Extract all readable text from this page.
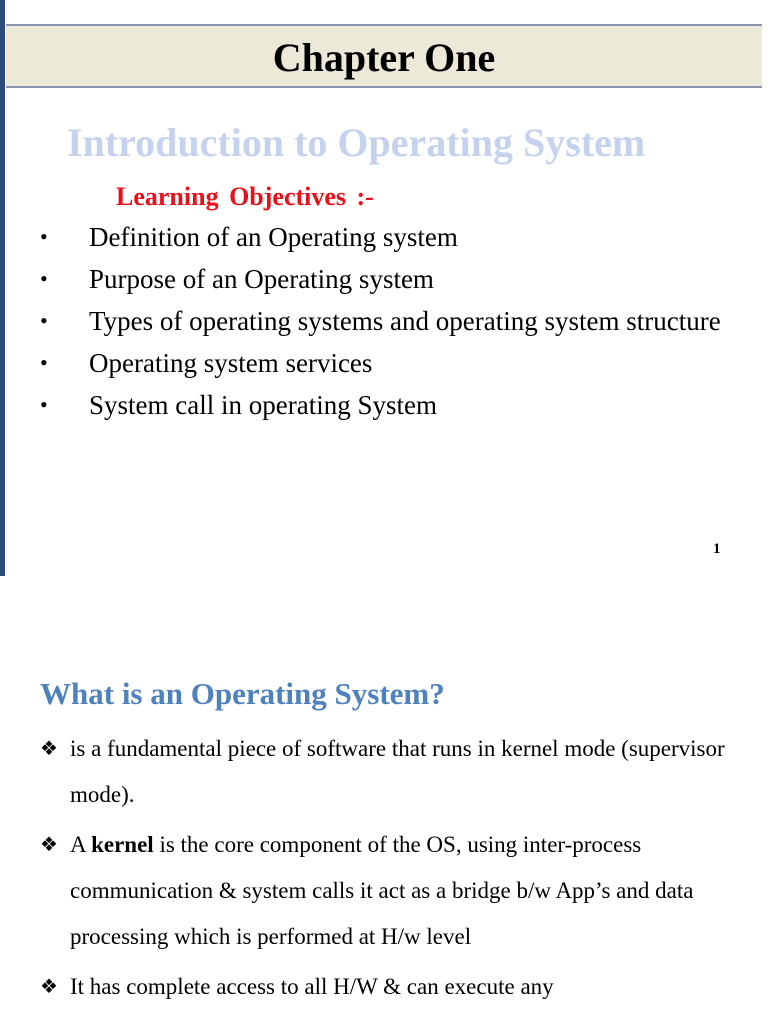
Chapter One
Introduction to Operating System
Learning Objectives :-
• Definition of an Operating system
• Purpose of an Operating system
• Types of operating systems and operating system structure
• Operating system services
• System call in operating System
1
What is an Operating System?
❖ is a fundamental piece of software that runs in kernel mode (supervisor mode).
❖ A kernel is the core component of the OS, using inter-process communication & system calls it act as a bridge b/w App’s and data processing which is performed at H/w level
❖ It has complete access to all H/W & can execute any
